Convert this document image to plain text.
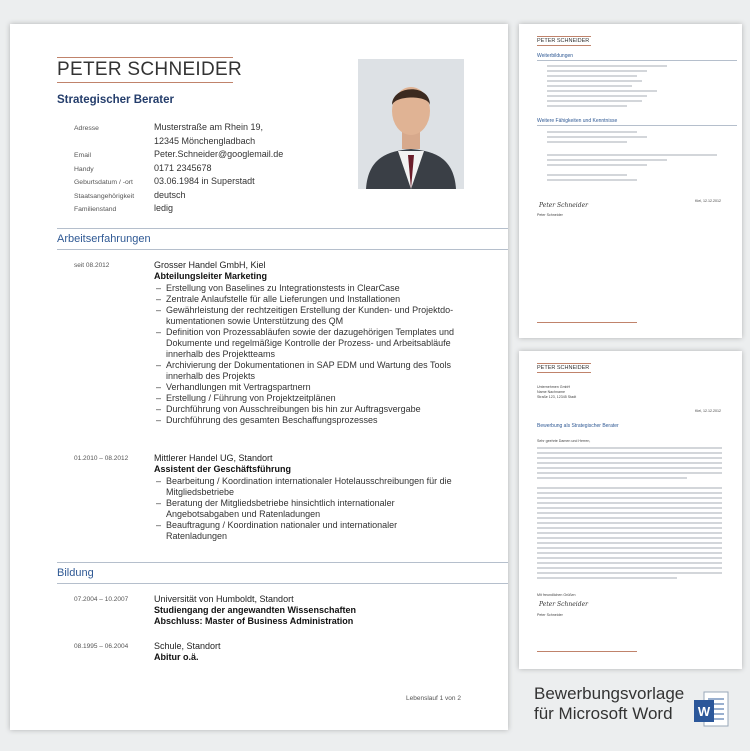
PETER SCHNEIDER
Strategischer Berater
Adresse	Musterstraße am Rhein 19,
12345 Mönchengladbach
Email	Peter.Schneider@googlemail.de
Handy	0171 2345678
Geburtsdatum / -ort	03.06.1984 in Superstadt
Staatsangehörigkeit	deutsch
Familienstand	ledig
Arbeitserfahrungen
seit 08.2012	Grosser Handel GmbH, Kiel
Abteilungsleiter Marketing
– Erstellung von Baselines zu Integrationstests in ClearCase
– Zentrale Anlaufstelle für alle Lieferungen und Installationen
– Gewährleistung der rechtzeitigen Erstellung der Kunden- und Projektdo-
kumentationen sowie Unterstützung des QM
– Definition von Prozessabläufen sowie der dazugehörigen Templates und
Dokumente und regelmäßige Kontrolle der Prozess- und Arbeitsabläufe
innerhalb des Projektteams
– Archivierung der Dokumentationen in SAP EDM und Wartung des Tools
innerhalb des Projekts
– Verhandlungen mit Vertragspartnern
– Erstellung / Führung von Projektzeitplänen
– Durchführung von Ausschreibungen bis hin zur Auftragsvergabe
– Durchführung des gesamten Beschaffungsprozesses
01.2010 – 08.2012	Mittlerer Handel UG, Standort
Assistent der Geschäftsführung
– Bearbeitung / Koordination internationaler Hotelausschreibungen für die
Mitgliedsbetriebe
– Beratung der Mitgliedsbetriebe hinsichtlich internationaler
Angebotsabgaben und Ratenladungen
– Beauftragung / Koordination nationaler und internationaler
Ratenladungen
Bildung
07.2004 – 10.2007	Universität von Humboldt, Standort
Studiengang der angewandten Wissenschaften
Abschluss: Master of Business Administration
08.1995 – 06.2004	Schule, Standort
Abitur o.ä.
Lebenslauf 1 von 2
PETER SCHNEIDER
Weiterbildungen
Weitere Fähigkeiten und Kenntnisse
Peter Schneider
Peter Schneider
Kiel, 12.12.2012

PETER SCHNEIDER
Unternehmen GmbH
Name Nachname
Straße 123, 12345 Stadt
Kiel, 12.12.2012
Bewerbung als Strategischer Berater
Sehr geehrte Damen und Herren,
Mit freundlichen Grüßen
Peter Schneider
Peter Schneider

Bewerbungsvorlage
für Microsoft Word	W
